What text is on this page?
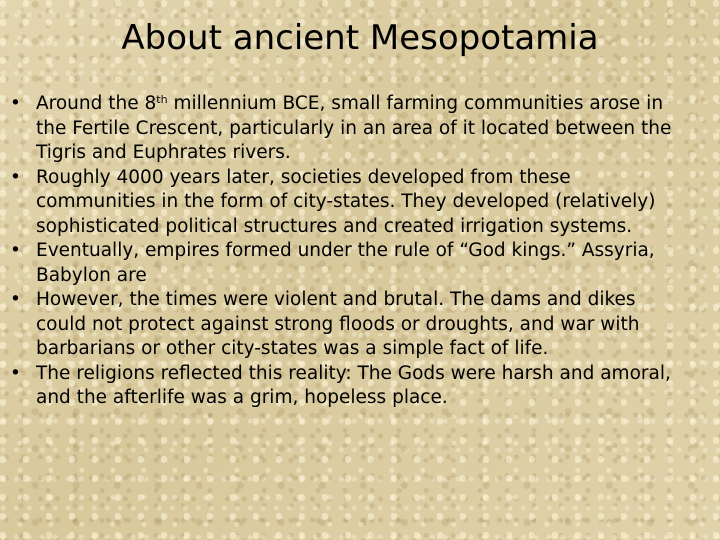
About ancient Mesopotamia
• Around the 8th millennium BCE, small farming communities arose in the Fertile Crescent, particularly in an area of it located between the Tigris and Euphrates rivers.
• Roughly 4000 years later, societies developed from these communities in the form of city-states. They developed (relatively) sophisticated political structures and created irrigation systems.
• Eventually, empires formed under the rule of “God kings.” Assyria, Babylon are
• However, the times were violent and brutal. The dams and dikes could not protect against strong floods or droughts, and war with barbarians or other city-states was a simple fact of life.
• The religions reflected this reality: The Gods were harsh and amoral, and the afterlife was a grim, hopeless place.
